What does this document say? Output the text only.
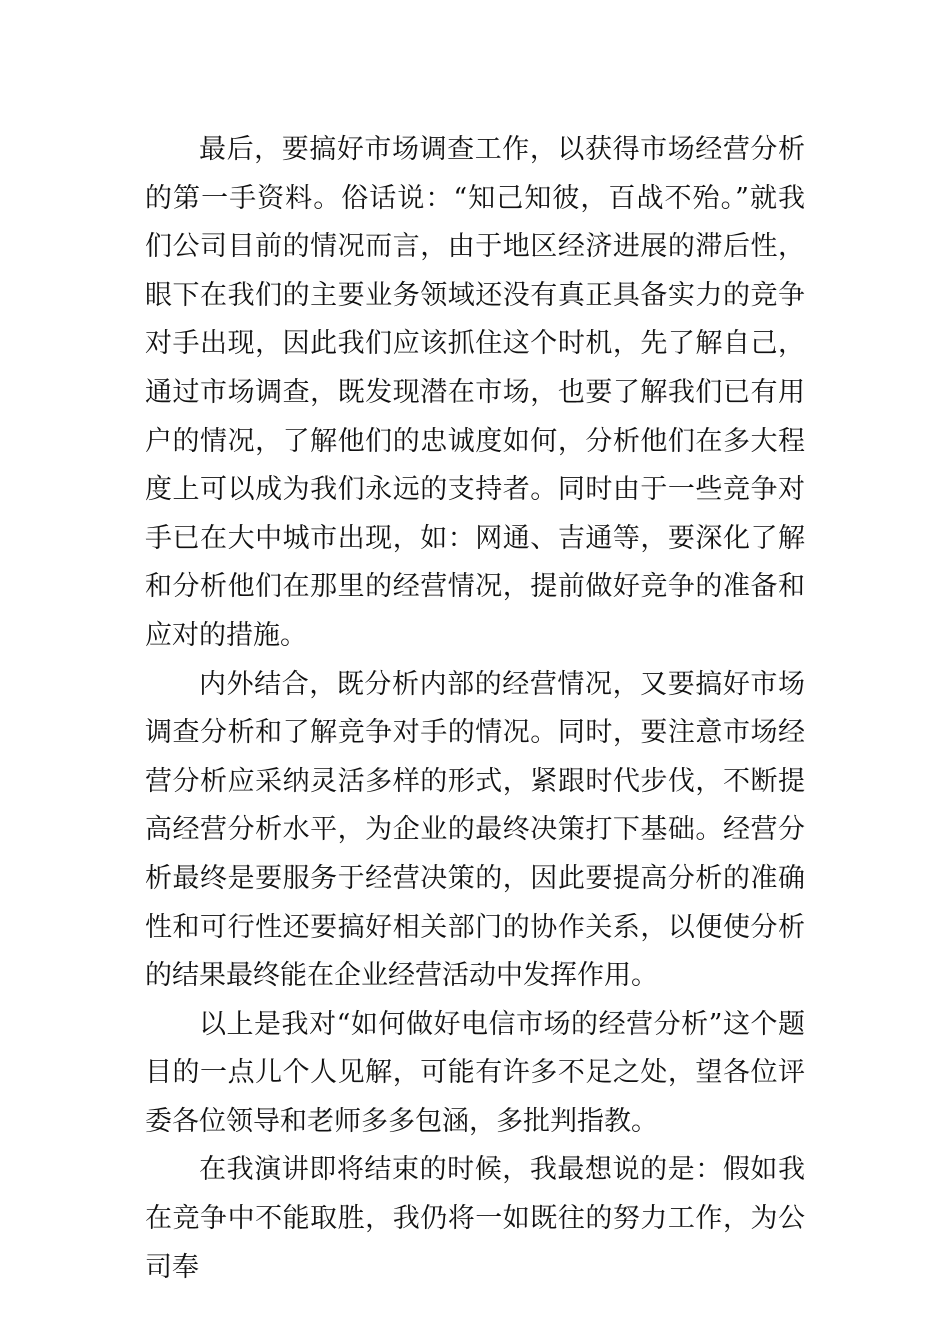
最后，要搞好市场调查工作，以获得市场经营分析的第一手资料。俗话说：“知己知彼，百战不殆。”就我们公司目前的情况而言，由于地区经济进展的滞后性，眼下在我们的主要业务领域还没有真正具备实力的竞争对手出现，因此我们应该抓住这个时机，先了解自己，通过市场调查，既发现潜在市场，也要了解我们已有用户的情况，了解他们的忠诚度如何，分析他们在多大程度上可以成为我们永远的支持者。同时由于一些竞争对手已在大中城市出现，如：网通、吉通等，要深化了解和分析他们在那里的经营情况，提前做好竞争的准备和应对的措施。

内外结合，既分析内部的经营情况，又要搞好市场调查分析和了解竞争对手的情况。同时，要注意市场经营分析应采纳灵活多样的形式，紧跟时代步伐，不断提高经营分析水平，为企业的最终决策打下基础。经营分析最终是要服务于经营决策的，因此要提高分析的准确性和可行性还要搞好相关部门的协作关系，以便使分析的结果最终能在企业经营活动中发挥作用。

以上是我对“如何做好电信市场的经营分析”这个题目的一点儿个人见解，可能有许多不足之处，望各位评委各位领导和老师多多包涵，多批判指教。

在我演讲即将结束的时候，我最想说的是：假如我在竞争中不能取胜，我仍将一如既往的努力工作，为公司奉
